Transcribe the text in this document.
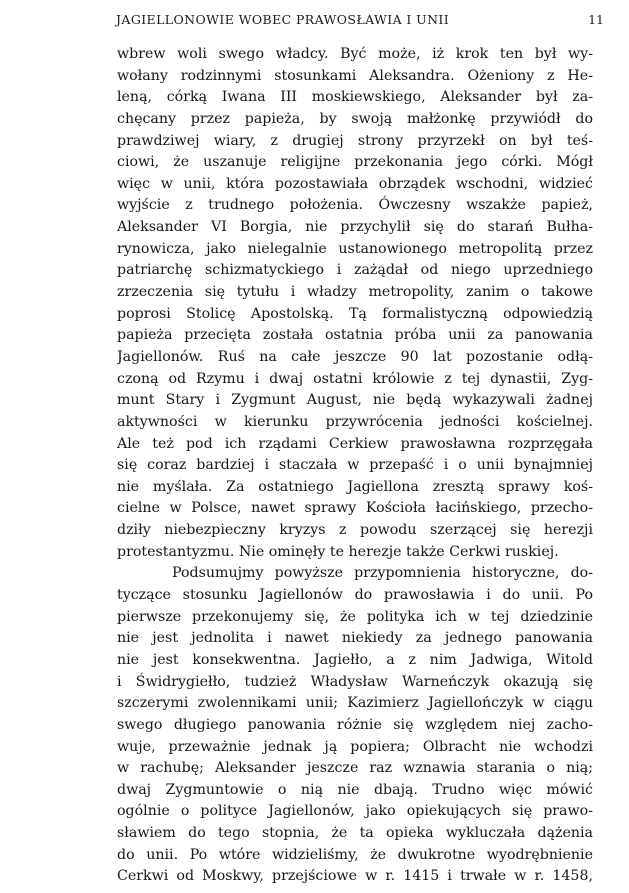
JAGIELLONOWIE WOBEC PRAWOSŁAWIA I UNII	11
wbrew woli swego władcy. Być może, iż krok ten był wy-
wołany rodzinnymi stosunkami Aleksandra. Ożeniony z He-
leną, córką Iwana III moskiewskiego, Aleksander był za-
chęcany przez papieża, by swoją małżonkę przywiódł do
prawdziwej wiary, z drugiej strony przyrzekł on był teś-
ciowi, że uszanuje religijne przekonania jego córki. Mógł
więc w unii, która pozostawiała obrządek wschodni, widzieć
wyjście z trudnego położenia. Ówczesny wszakże papież,
Aleksander VI Borgia, nie przychylił się do starań Bułha-
rynowicza, jako nielegalnie ustanowionego metropolitą przez
patriarchę schizmatyckiego i zażądał od niego uprzedniego
zrzeczenia się tytułu i władzy metropolity, zanim o takowe
poprosi Stolicę Apostolską. Tą formalistyczną odpowiedzią
papieża przecięta została ostatnia próba unii za panowania
Jagiellonów. Ruś na całe jeszcze 90 lat pozostanie odłą-
czoną od Rzymu i dwaj ostatni królowie z tej dynastii, Zyg-
munt Stary i Zygmunt August, nie będą wykazywali żadnej
aktywności w kierunku przywrócenia jedności kościelnej.
Ale też pod ich rządami Cerkiew prawosławna rozprzęgała
się coraz bardziej i staczała w przepaść i o unii bynajmniej
nie myślała. Za ostatniego Jagiellona zresztą sprawy koś-
cielne w Polsce, nawet sprawy Kościoła łacińskiego, przecho-
dziły niebezpieczny kryzys z powodu szerzącej się herezji
protestantyzmu. Nie ominęły te herezje także Cerkwi ruskiej.
Podsumujmy powyższe przypomnienia historyczne, do-
tyczące stosunku Jagiellonów do prawosławia i do unii. Po
pierwsze przekonujemy się, że polityka ich w tej dziedzinie
nie jest jednolita i nawet niekiedy za jednego panowania
nie jest konsekwentna. Jagiełło, a z nim Jadwiga, Witold
i Świdrygiełło, tudzież Władysław Warneńczyk okazują się
szczerymi zwolennikami unii; Kazimierz Jagiellończyk w ciągu
swego długiego panowania różnie się względem niej zacho-
wuje, przeważnie jednak ją popiera; Olbracht nie wchodzi
w rachubę; Aleksander jeszcze raz wznawia starania o nią;
dwaj Zygmuntowie o nią nie dbają. Trudno więc mówić
ogólnie o polityce Jagiellonów, jako opiekujących się prawo-
sławiem do tego stopnia, że ta opieka wykluczała dążenia
do unii. Po wtóre widzieliśmy, że dwukrotne wyodrębnienie
Cerkwi od Moskwy, przejściowe w r. 1415 i trwałe w r. 1458,
